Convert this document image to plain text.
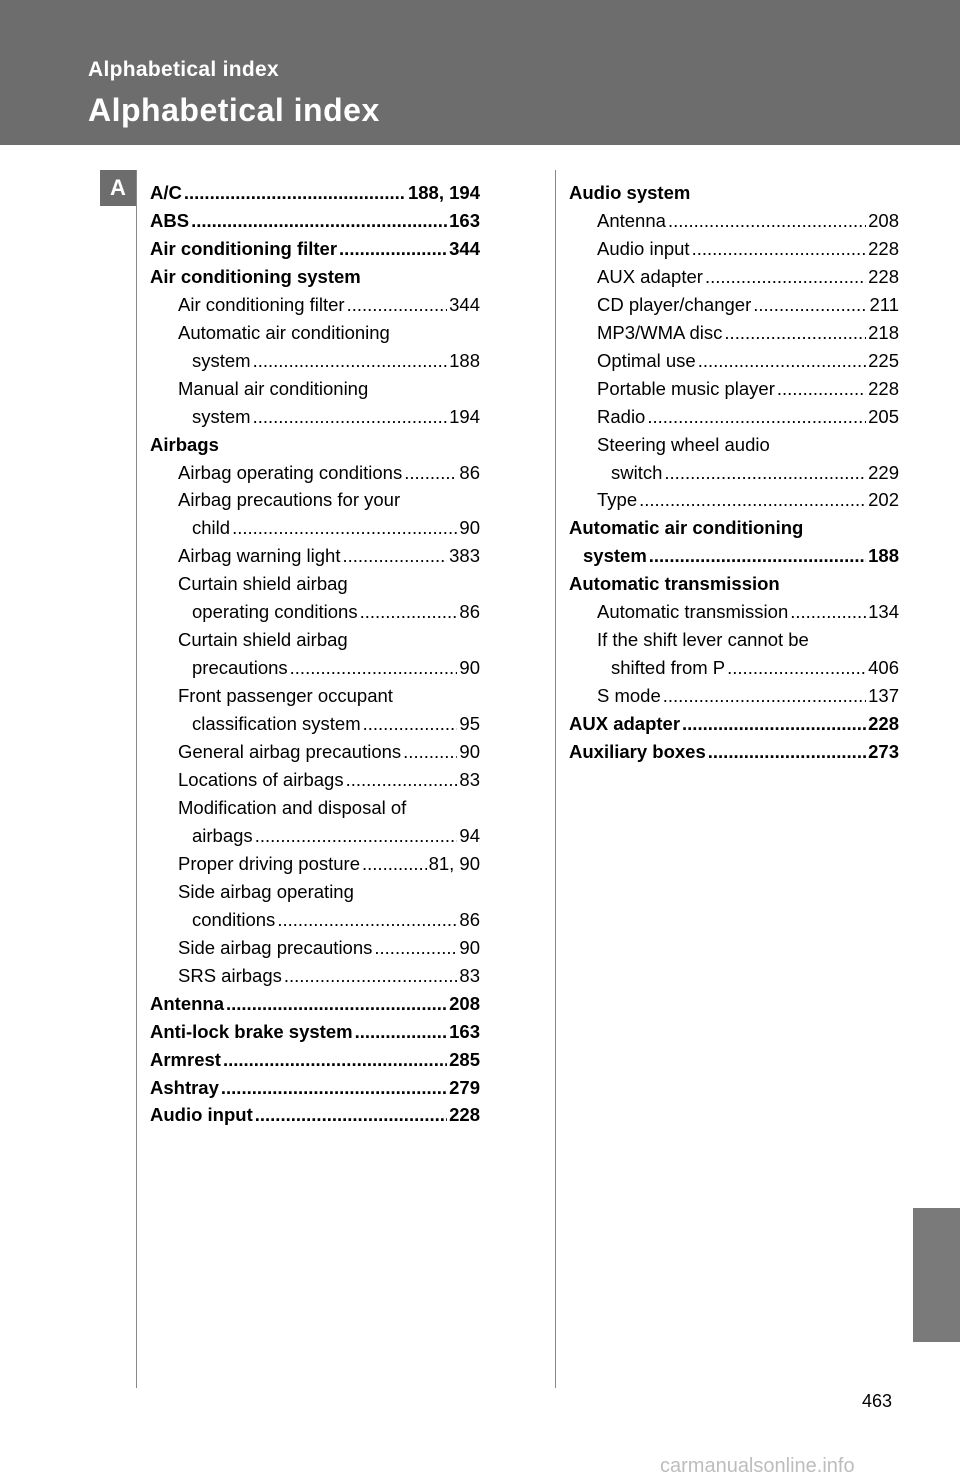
Alphabetical index
Alphabetical index
A	A/C .....	188, 194
ABS .....	163
Air conditioning filter .....	344
Air conditioning system
Air conditioning filter .....	344
Automatic air conditioning
system .....	188
Manual air conditioning
system .....	194
Airbags
Airbag operating conditions .....	86
Airbag precautions for your
child .....	90
Airbag warning light .....	383
Curtain shield airbag
operating conditions .....	86
Curtain shield airbag
precautions .....	90
Front passenger occupant
classification system .....	95
General airbag precautions .....	90
Locations of airbags .....	83
Modification and disposal of
airbags .....	94
Proper driving posture .....	81, 90
Side airbag operating
conditions .....	86
Side airbag precautions .....	90
SRS airbags .....	83
Antenna .....	208
Anti-lock brake system .....	163
Armrest .....	285
Ashtray .....	279
Audio input .....	228
Audio system
Antenna .....	208
Audio input .....	228
AUX adapter .....	228
CD player/changer .....	211
MP3/WMA disc .....	218
Optimal use .....	225
Portable music player .....	228
Radio .....	205
Steering wheel audio
switch .....	229
Type .....	202
Automatic air conditioning
system .....	188
Automatic transmission
Automatic transmission .....	134
If the shift lever cannot be
shifted from P .....	406
S mode .....	137
AUX adapter .....	228
Auxiliary boxes .....	273
463
carmanualsonline.info
